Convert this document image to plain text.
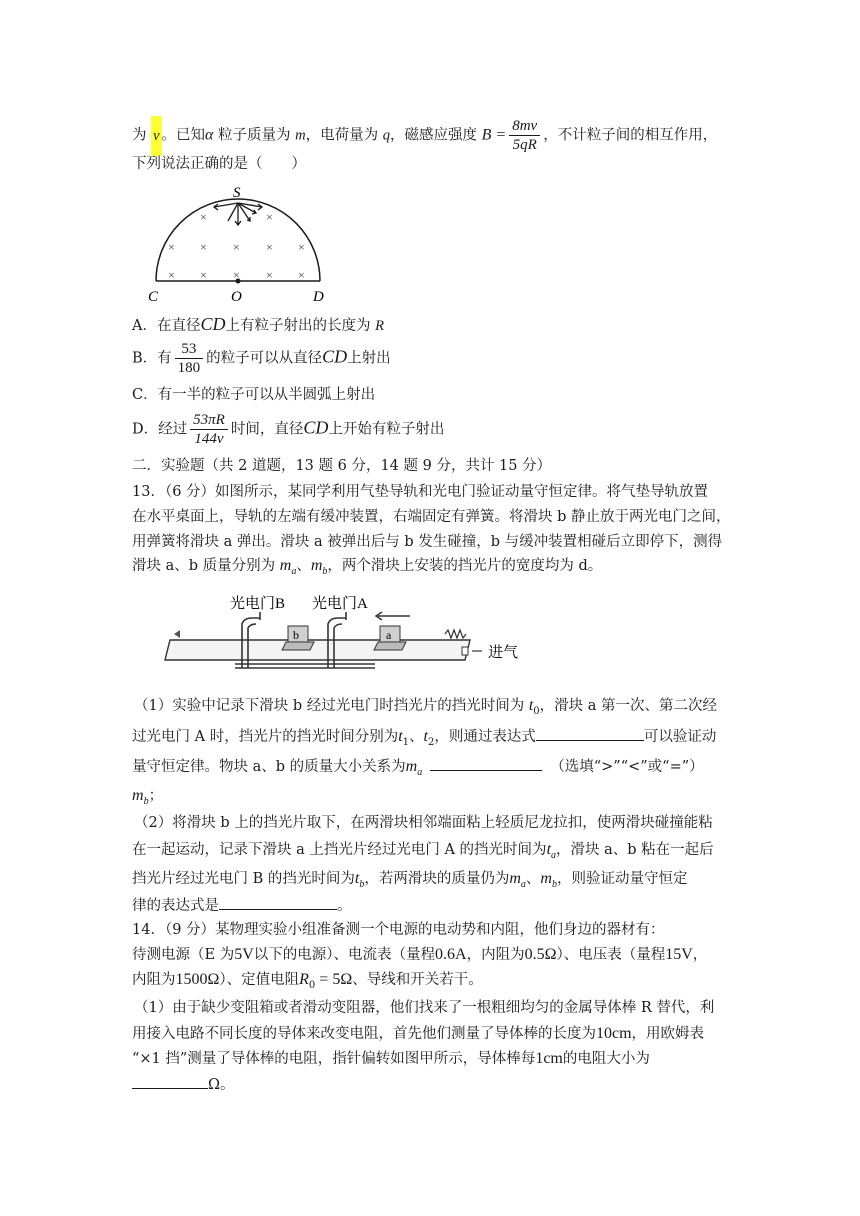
为 v 。已知α 粒子质量为 m，电荷量为 q，磁感应强度 $B = \frac{8mv}{5qR}$ ，不计粒子间的相互作用，
下列说法正确的是（　　）
S
C	O	D
×	×
× × × × ×
× × × × ×
A．在直径CD上有粒子射出的长度为 R
B．有 $\frac{53}{180}$ 的粒子可以从直径CD上射出
C．有一半的粒子可以从半圆弧上射出
D．经过 $\frac{53\pi R}{144v}$ 时间，直径CD上开始有粒子射出
二．实验题（共 2 道题，13 题 6 分，14 题 9 分，共计 15 分）
13．（6 分）如图所示，某同学利用气垫导轨和光电门验证动量守恒定律。将气垫导轨放置
在水平桌面上，导轨的左端有缓冲装置，右端固定有弹簧。将滑块 b 静止放于两光电门之间，
用弹簧将滑块 a 弹出。滑块 a 被弹出后与 b 发生碰撞，b 与缓冲装置相碰后立即停下，测得
滑块 a、b 质量分别为 $m_a$、$m_b$，两个滑块上安装的挡光片的宽度均为 d。
光电门B 光电门A
b	a
进气
（1）实验中记录下滑块 b 经过光电门时挡光片的挡光时间为 $t_0$，滑块 a 第一次、第二次经
过光电门 A 时，挡光片的挡光时间分别为$t_1$、$t_2$，则通过表达式	可以验证动
量守恒定律。物块 a、b 的质量大小关系为$m_a$	（选填“>”“<”或“=”）
$m_b$；
（2）将滑块 b 上的挡光片取下，在两滑块相邻端面粘上轻质尼龙拉扣，使两滑块碰撞能粘
在一起运动，记录下滑块 a 上挡光片经过光电门 A 的挡光时间为$t_a$，滑块 a、b 粘在一起后
挡光片经过光电门 B 的挡光时间为$t_b$，若两滑块的质量仍为$m_a$、$m_b$，则验证动量守恒定
律的表达式是	。
14．（9 分）某物理实验小组准备测一个电源的电动势和内阻，他们身边的器材有：
待测电源（E 为5V以下的电源）、电流表（量程0.6A，内阻为0.5Ω）、电压表（量程15V，
内阻为1500Ω）、定值电阻$R_0 = 5\Omega$、导线和开关若干。
（1）由于缺少变阻箱或者滑动变阻器，他们找来了一根粗细均匀的金属导体棒 R 替代，利
用接入电路不同长度的导体来改变电阻，首先他们测量了导体棒的长度为10cm，用欧姆表
“×1 挡”测量了导体棒的电阻，指针偏转如图甲所示，导体棒每1cm的电阻大小为
Ω。
